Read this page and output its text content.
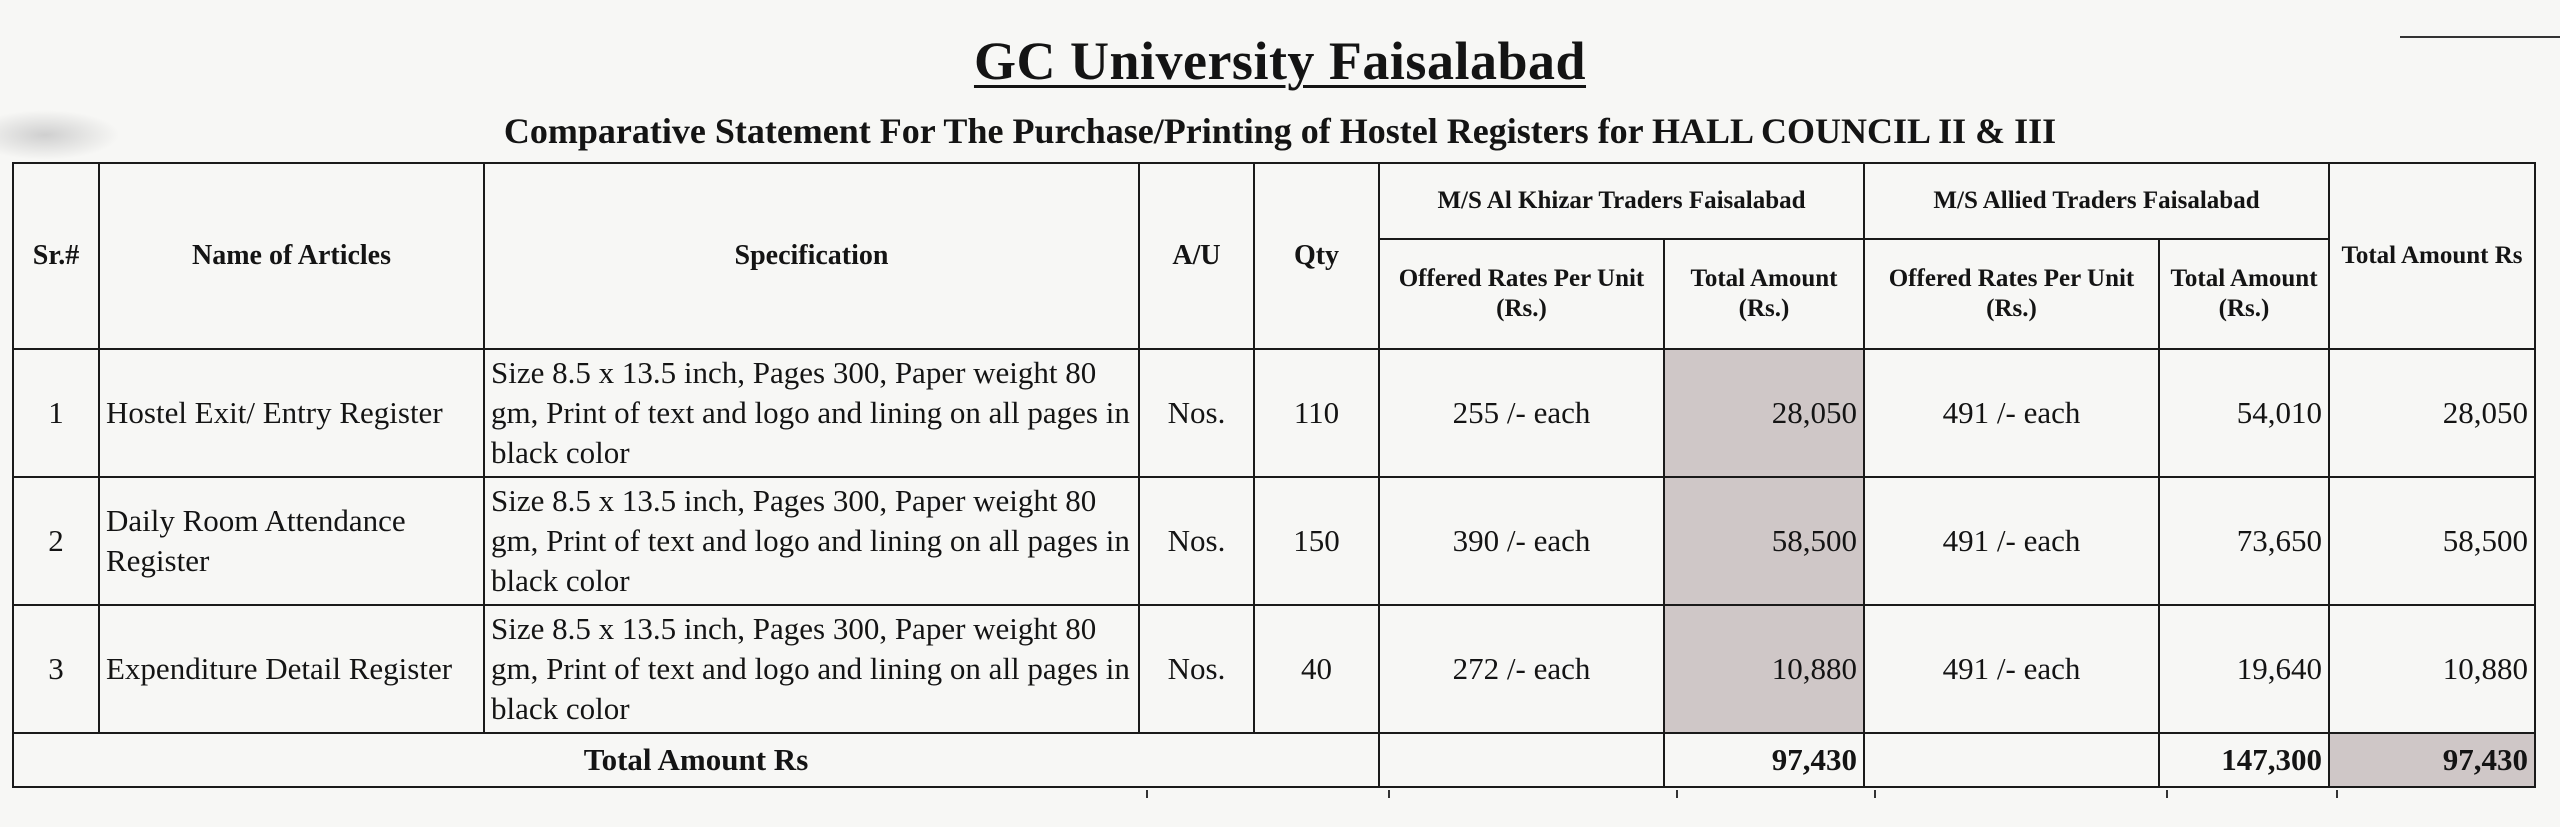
GC University Faisalabad
Comparative Statement For The Purchase/Printing of Hostel Registers for HALL COUNCIL II & III
Sr.#	Name of Articles	Specification	A/U	Qty	M/S Al Khizar Traders Faisalabad		M/S Allied Traders Faisalabad		Total Amount Rs
					Offered Rates Per Unit (Rs.)	Total Amount (Rs.)	Offered Rates Per Unit (Rs.)	Total Amount (Rs.)	
1	Hostel Exit/ Entry Register	Size 8.5 x 13.5 inch, Pages 300, Paper weight 80 gm, Print of text and logo and lining on all pages in black color	Nos.	110	255 /- each	28,050	491 /- each	54,010	28,050
2	Daily Room Attendance Register	Size 8.5 x 13.5 inch, Pages 300, Paper weight 80 gm, Print of text and logo and lining on all pages in black color	Nos.	150	390 /- each	58,500	491 /- each	73,650	58,500
3	Expenditure Detail Register	Size 8.5 x 13.5 inch, Pages 300, Paper weight 80 gm, Print of text and logo and lining on all pages in black color	Nos.	40	272 /- each	10,880	491 /- each	19,640	10,880
Total Amount Rs						97,430		147,300	97,430
